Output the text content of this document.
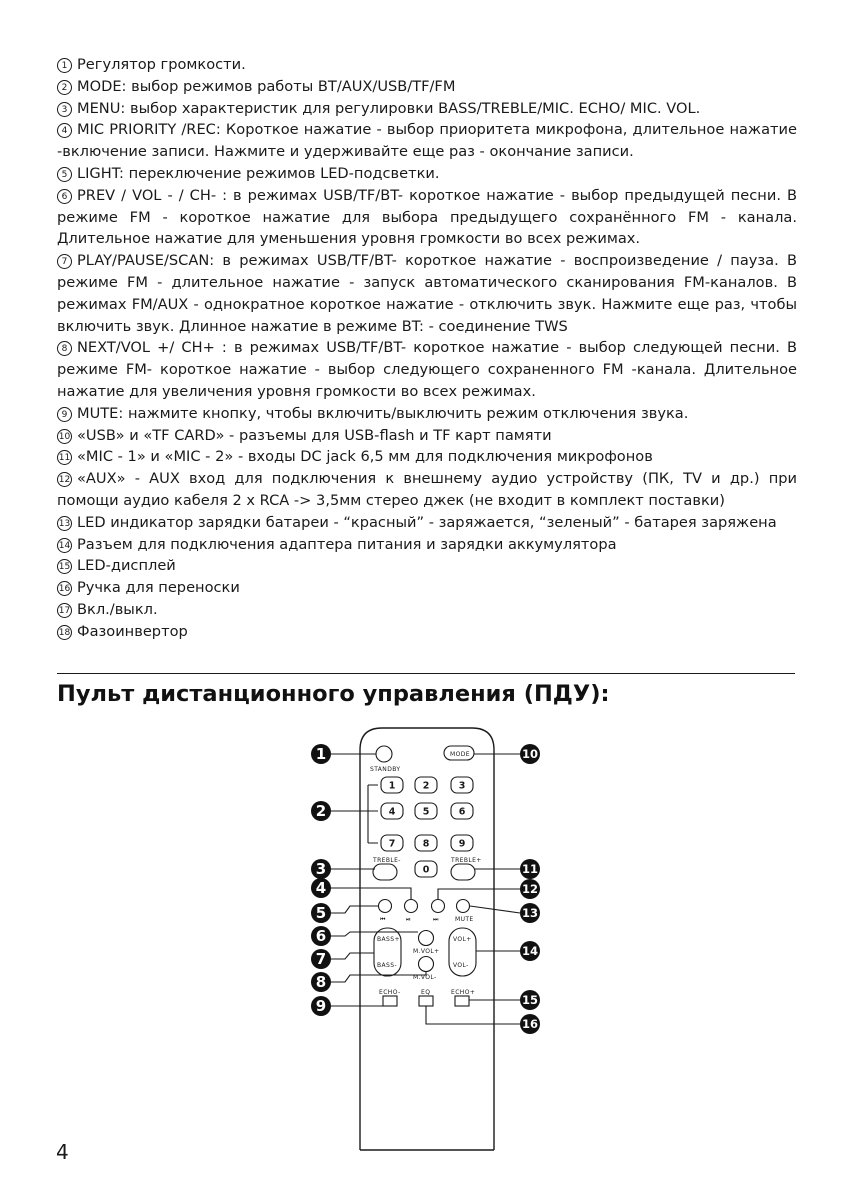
1 Регулятор громкости.
2 MODE: выбор режимов работы BT/AUX/USB/TF/FM
3 MENU: выбор характеристик для регулировки BASS/TREBLE/MIC. ECHO/ MIC. VOL.
4 MIC PRIORITY /REC: Короткое нажатие - выбор приоритета микрофона, длительное нажатие -включение записи. Нажмите и удерживайте еще раз - окончание записи.
5 LIGHT: переключение режимов LED-подсветки.
6 PREV / VOL - / CH- : в режимах USB/TF/BT- короткое нажатие - выбор предыдущей песни. В режиме FM - короткое нажатие для выбора предыдущего сохранённого FM - канала. Длительное нажатие для уменьшения уровня громкости во всех режимах.
7 PLAY/PAUSE/SCAN: в режимах USB/TF/BT- короткое нажатие - воспроизведение / пауза. В режиме FM - длительное нажатие - запуск автоматического сканирования FM-каналов. В режимах FM/AUX - однократное короткое нажатие - отключить звук. Нажмите еще раз, чтобы включить звук. Длинное нажатие в режиме BT: - соединение TWS
8 NEXT/VOL +/ CH+ : в режимах USB/TF/BT- короткое нажатие - выбор следующей песни. В режиме FM- короткое нажатие - выбор следующего сохраненного FM -канала. Длительное нажатие для увеличения уровня громкости во всех режимах.
9 MUTE: нажмите кнопку, чтобы включить/выключить режим отключения звука.
10 «USB» и «TF CARD» - разъемы для USB-flash и TF карт памяти
11 «MIC - 1» и «MIC - 2» - входы DC jack 6,5 мм для подключения микрофонов
12 «AUX» - AUX вход для подключения к внешнему аудио устройству (ПК, TV и др.) при помощи аудио кабеля 2 х RCA -> 3,5мм стерео джек (не входит в комплект поставки)
13 LED индикатор зарядки батареи - “красный” - заряжается, “зеленый” - батарея заряжена
14 Разъем для подключения адаптера питания и зарядки аккумулятора
15 LED-дисплей
16 Ручка для переноски
17 Вкл./выкл.
18 Фазоинвертор
Пульт дистанционного управления (ПДУ):
STANDBY
MODE
1	2	3
4	5	6
7	8	9
0
TREBLE-	TREBLE+
⏮	⏯	⏭	MUTE
BASS+
BASS-
M.VOL+
M.VOL-
VOL+
VOL-
ECHO-	EQ	ECHO+
1
2
3
4
5
6
7
8
9
10
11
12
13
14
15
16
4
